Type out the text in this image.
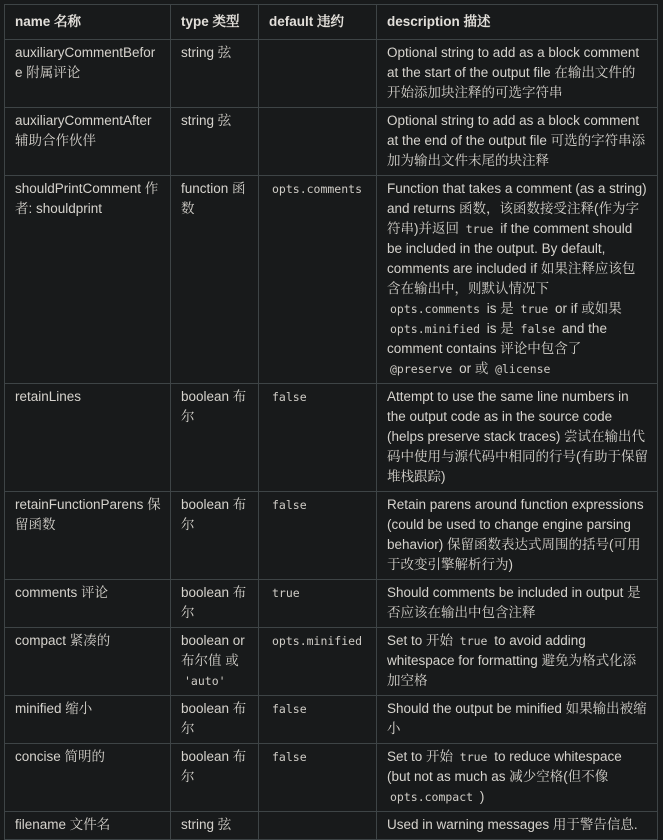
name 名称	type 类型	default 违约	description 描述
auxiliaryCommentBefore 附属评论	string 弦		Optional string to add as a block comment at the start of the output file 在输出文件的开始添加块注释的可选字符串
auxiliaryCommentAfter 辅助合作伙伴	string 弦		Optional string to add as a block comment at the end of the output file 可选的字符串添加为输出文件末尾的块注释
shouldPrintComment 作者: shouldprint	function 函数	opts.comments	Function that takes a comment (as a string) and returns 函数，该函数接受注释(作为字符串)并返回 true if the comment should be included in the output. By default, comments are included if 如果注释应该包含在输出中，则默认情况下 opts.comments is 是 true or if 或如果 opts.minified is 是 false and the comment contains 评论中包含了 @preserve or 或 @license
retainLines	boolean 布尔	false	Attempt to use the same line numbers in the output code as in the source code (helps preserve stack traces) 尝试在输出代码中使用与源代码中相同的行号(有助于保留堆栈跟踪)
retainFunctionParens 保留函数	boolean 布尔	false	Retain parens around function expressions (could be used to change engine parsing behavior) 保留函数表达式周围的括号(可用于改变引擎解析行为)
comments 评论	boolean 布尔	true	Should comments be included in output 是否应该在输出中包含注释
compact 紧凑的	boolean or 布尔值 或 'auto'	opts.minified	Set to 开始 true to avoid adding whitespace for formatting 避免为格式化添加空格
minified 缩小	boolean 布尔	false	Should the output be minified 如果输出被缩小
concise 简明的	boolean 布尔	false	Set to 开始 true to reduce whitespace (but not as much as 减少空格(但不像 opts.compact )
filename 文件名	string 弦		Used in warning messages 用于警告信息.
